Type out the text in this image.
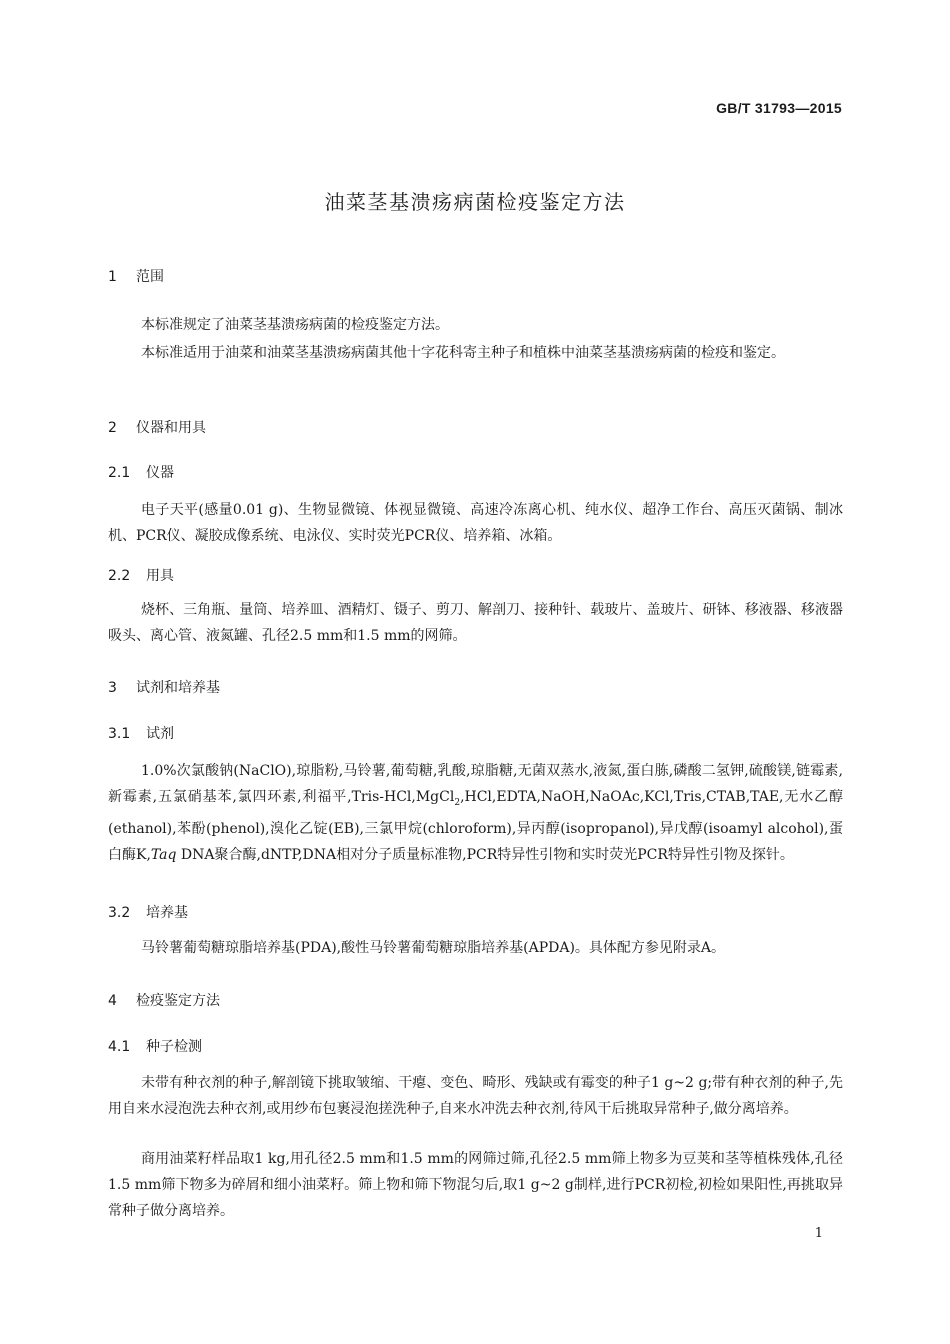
GB/T 31793—2015
油菜茎基溃疡病菌检疫鉴定方法
1 范围
本标准规定了油菜茎基溃疡病菌的检疫鉴定方法。
本标准适用于油菜和油菜茎基溃疡病菌其他十字花科寄主种子和植株中油菜茎基溃疡病菌的检疫和鉴定。
2 仪器和用具
2.1 仪器
电子天平(感量0.01 g)、生物显微镜、体视显微镜、高速冷冻离心机、纯水仪、超净工作台、高压灭菌锅、制冰机、PCR仪、凝胶成像系统、电泳仪、实时荧光PCR仪、培养箱、冰箱。
2.2 用具
烧杯、三角瓶、量筒、培养皿、酒精灯、镊子、剪刀、解剖刀、接种针、载玻片、盖玻片、研钵、移液器、移液器吸头、离心管、液氮罐、孔径2.5 mm和1.5 mm的网筛。
3 试剂和培养基
3.1 试剂
1.0%次氯酸钠(NaClO),琼脂粉,马铃薯,葡萄糖,乳酸,琼脂糖,无菌双蒸水,液氮,蛋白胨,磷酸二氢钾,硫酸镁,链霉素,新霉素,五氯硝基苯,氯四环素,利福平,Tris-HCl,MgCl$_2$,HCl,EDTA,NaOH,NaOAc,KCl,Tris,CTAB,TAE,无水乙醇(ethanol),苯酚(phenol),溴化乙锭(EB),三氯甲烷(chloroform),异丙醇(isopropanol),异戊醇(isoamyl alcohol),蛋白酶K,Taq DNA聚合酶,dNTP,DNA相对分子质量标准物,PCR特异性引物和实时荧光PCR特异性引物及探针。
3.2 培养基
马铃薯葡萄糖琼脂培养基(PDA),酸性马铃薯葡萄糖琼脂培养基(APDA)。具体配方参见附录A。
4 检疫鉴定方法
4.1 种子检测
未带有种衣剂的种子,解剖镜下挑取皱缩、干瘪、变色、畸形、残缺或有霉变的种子1 g~2 g;带有种衣剂的种子,先用自来水浸泡洗去种衣剂,或用纱布包裹浸泡搓洗种子,自来水冲洗去种衣剂,待风干后挑取异常种子,做分离培养。
商用油菜籽样品取1 kg,用孔径2.5 mm和1.5 mm的网筛过筛,孔径2.5 mm筛上物多为豆荚和茎等植株残体,孔径1.5 mm筛下物多为碎屑和细小油菜籽。筛上物和筛下物混匀后,取1 g~2 g制样,进行PCR初检,初检如果阳性,再挑取异常种子做分离培养。
1
